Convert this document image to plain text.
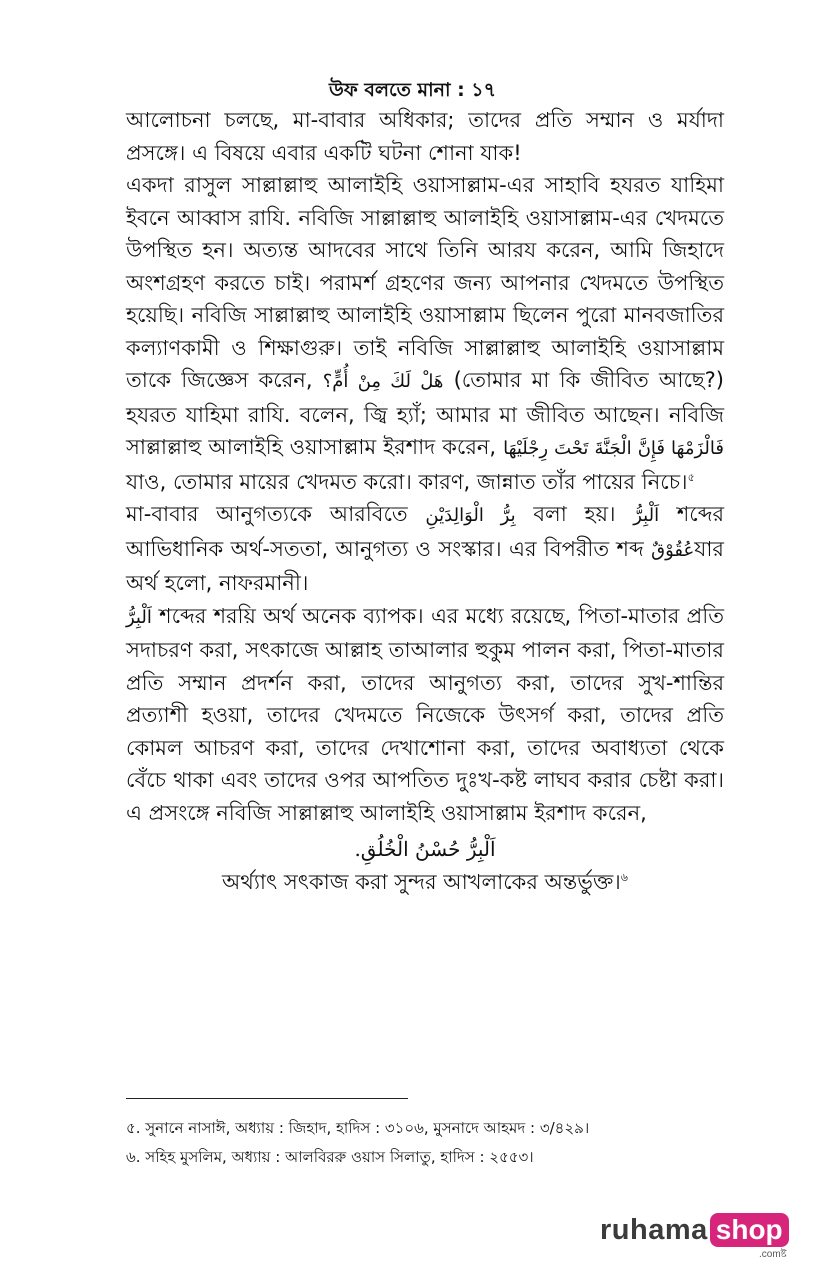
উফ বলতে মানা : ১৭

আলোচনা চলছে, মা-বাবার অধিকার; তাদের প্রতি সম্মান ও মর্যাদা প্রসঙ্গে। এ বিষয়ে এবার একটি ঘটনা শোনা যাক!

একদা রাসুল সাল্লাল্লাহু আলাইহি ওয়াসাল্লাম-এর সাহাবি হযরত যাহিমা ইবনে আব্বাস রাযি. নবিজি সাল্লাল্লাহু আলাইহি ওয়াসাল্লাম-এর খেদমতে উপস্থিত হন। অত্যন্ত আদবের সাথে তিনি আরয করেন, আমি জিহাদে অংশগ্রহণ করতে চাই। পরামর্শ গ্রহণের জন্য আপনার খেদমতে উপস্থিত হয়েছি। নবিজি সাল্লাল্লাহু আলাইহি ওয়াসাল্লাম ছিলেন পুরো মানবজাতির কল্যাণকামী ও শিক্ষাগুরু। তাই নবিজি সাল্লাল্লাহু আলাইহি ওয়াসাল্লাম তাকে জিজ্ঞেস করেন, هَلْ لَكَ مِنْ أُمٍّ؟ (তোমার মা কি জীবিত আছে?) হযরত যাহিমা রাযি. বলেন, জ্বি হ্যাঁ; আমার মা জীবিত আছেন। নবিজি সাল্লাল্লাহু আলাইহি ওয়াসাল্লাম ইরশাদ করেন, فَالْزَمْهَا فَإِنَّ الْجَنَّةَ تَحْتَ رِجْلَيْهَا যাও, তোমার মায়ের খেদমত করো। কারণ, জান্নাত তাঁর পায়ের নিচে।$^৫$

মা-বাবার আনুগত্যকে আরবিতে بِرُّ الْوَالِدَيْنِ বলা হয়। اَلْبِرُّ শব্দের আভিধানিক অর্থ-সততা, আনুগত্য ও সংস্কার। এর বিপরীত শব্দ عُقُوْقٌযার অর্থ হলো, নাফরমানী।

اَلْبِرُّ শব্দের শরয়ি অর্থ অনেক ব্যাপক। এর মধ্যে রয়েছে, পিতা-মাতার প্রতি সদাচরণ করা, সৎকাজে আল্লাহ তাআলার হুকুম পালন করা, পিতা-মাতার প্রতি সম্মান প্রদর্শন করা, তাদের আনুগত্য করা, তাদের সুখ-শান্তির প্রত্যাশী হওয়া, তাদের খেদমতে নিজেকে উৎসর্গ করা, তাদের প্রতি কোমল আচরণ করা, তাদের দেখাশোনা করা, তাদের অবাধ্যতা থেকে বেঁচে থাকা এবং তাদের ওপর আপতিত দুঃখ-কষ্ট লাঘব করার চেষ্টা করা। এ প্রসংঙ্গে নবিজি সাল্লাল্লাহু আলাইহি ওয়াসাল্লাম ইরশাদ করেন,

اَلْبِرُّ حُسْنُ الْخُلُقِ.
অর্থ্যাৎ সৎকাজ করা সুন্দর আখলাকের অন্তর্ভুক্ত।$^৬$
৫. সুনানে নাসাঈ, অধ্যায় : জিহাদ, হাদিস : ৩১০৬, মুসনাদে আহমদ : ৩/৪২৯।
৬. সহিহ মুসলিম, অধ্যায় : আলবিররু ওয়াস সিলাতু, হাদিস : ২৫৫৩।
ruhama shop
.comষ্ট
